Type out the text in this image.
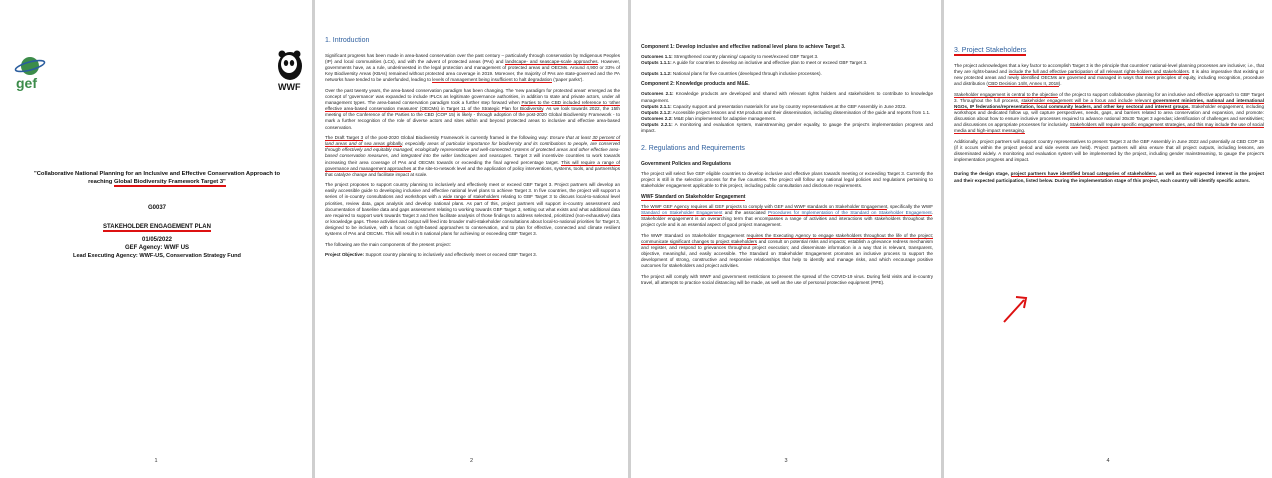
gef	WWF
"Collaborative National Planning for an Inclusive and Effective Conservation Approach to
reaching Global Biodiversity Framework Target 3"
G0037
STAKEHOLDER ENGAGEMENT PLAN
01/05/2022
GEF Agency: WWF US
Lead Executing Agency: WWF-US, Conservation Strategy Fund
1
1. Introduction

Significant progress has been made in area-based conservation over the past century – particularly through conservation by Indigenous Peoples (IP) and local communities (LCs), and with the advent of protected areas (PAs) and landscape- and seascape-scale approaches. However, governments have, as a rule, underinvested in the legal protection and management of protected areas and OECMs. Around 4,900 or 33% of Key Biodiversity Areas (KBAs) remained without protected area coverage in 2019. Moreover, the majority of PAs are state-governed and the PA networks have tended to be underfunded, leading to levels of management being insufficient to halt degradation ('paper parks').

Over the past twenty years, the area-based conservation paradigm has been changing. The 'new paradigm for protected areas' emerged as the concept of 'governance' was expanded to include IPLCs as legitimate governance authorities, in addition to state and private actors, under all management types. The area-based conservation paradigm took a further step forward when Parties to the CBD included reference to 'other effective area-based conservation measures' (OECMs) in Target 11 of the Strategic Plan for Biodiversity. As we look towards 2022, the 15th meeting of the Conference of the Parties to the CBD (COP 15) is likely - through adoption of the post-2020 Global Biodiversity Framework - to mark a further recognition of the role of diverse actors and sites within and beyond protected areas to inclusive and effective area-based conservation.

The Draft Target 3 of the post-2020 Global Biodiversity Framework is currently framed in the following way: Ensure that at least 30 percent of land areas and of sea areas globally, especially areas of particular importance for biodiversity and its contributions to people, are conserved through effectively and equitably managed, ecologically representative and well-connected systems of protected areas and other effective area-based conservation measures, and integrated into the wider landscapes and seascapes. Target 3 will incentivize countries to work towards increasing their area coverage of PAs and OECMs towards or exceeding the final agreed percentage target. This will require a range of governance and management approaches at the site-to-network level and the application of policy interventions, systems, tools, and partnerships that catalyze change and facilitate impact at scale.

The project proposes to support country planning to inclusively and effectively meet or exceed GBF Target 3. Project partners will develop an easily accessible guide to developing inclusive and effective national level plans to achieve Target 3. In five countries, the project will support a series of in-country consultations and workshops with a wide range of stakeholders relating to GBF Target 3 to discuss local-to-national level priorities, review data, gaps analysis and develop national plans. As part of this, project partners will support in-country assessment and documentation of baseline data and gaps assessment relating to working towards GBF Target 3, setting out what exists and what additional data are required to support work towards Target 3 and then facilitate analysis of those findings to address selected, prioritized (non-exhaustive) data or knowledge gaps. These activities and output will feed into broader multi-stakeholder consultations about local-to-national priorities for Target 3, designed to be inclusive, with a focus on right-based approaches to conservation, and to plan for effective, connected and climate resilient systems of PAs and OECMs. This will result in 5 national plans for achieving or exceeding GBF Target 3.

The following are the main components of the present project:

Project Objective: Support country planning to inclusively and effectively meet or exceed GBF Target 3.

2
Component 1: Develop inclusive and effective national level plans to achieve Target 3.

Outcomes 1.1: Strengthened country planning/ capacity to meet/exceed GBF Target 3.
Outputs 1.1.1: A guide for countries to develop an inclusive and effective plan to meet or exceed GBF Target 3.

Outputs 1.1.2: National plans for five countries (developed through inclusive processes).

Component 2: Knowledge products and M&E.

Outcomes 2.1: Knowledge products are developed and shared with relevant rights holders and stakeholders to contribute to knowledge management.
Outputs 2.1.1: Capacity support and presentation materials for use by country representatives at the GBF Assembly in June 2022.
Outputs 2.1.2: Accessible project lessons and KM products and their dissemination, including dissemination of the guide and reports from 1.1.
Outcomes 2.2: M&E plan implemented for adaptive management.
Outputs 2.2.1: A monitoring and evaluation system, mainstreaming gender equality, to gauge the project's implementation progress and impact.

2. Regulations and Requirements
Government Policies and Regulations

The project will select five GEF eligible countries to develop inclusive and effective plans towards meeting or exceeding Target 3. Currently the project is still in the selection process for the five countries. The project will follow any national legal policies and regulations pertaining to stakeholder engagement applicable to this project, including public consultation and disclosure requirements.

WWF Standard on Stakeholder Engagement

The WWF GEF Agency requires all GEF projects to comply with GEF and WWF standards on Stakeholder Engagement, specifically the WWF Standard on Stakeholder Engagement and the associated Procedures for Implementation of the Standard on Stakeholder Engagement. Stakeholder engagement is an overarching term that encompasses a range of activities and interactions with stakeholders throughout the project cycle and is an essential aspect of good project management.

The WWF Standard on Stakeholder Engagement requires the Executing Agency to engage stakeholders throughout the life of the project; communicate significant changes to project stakeholders and consult on potential risks and impacts; establish a grievance redress mechanism and register, and respond to grievances throughout project execution; and disseminate information in a way that is relevant, transparent, objective, meaningful, and easily accessible. The Standard on Stakeholder Engagement promotes an inclusive process to support the development of strong, constructive and responsive relationships that help to identify and manage risks, and which encourage positive outcomes for stakeholders and project activities.

The project will comply with WWF and government restrictions to prevent the spread of the COVID-19 virus. During field visits and in-country travel, all attempts to practice social distancing will be made, as well as the use of personal protective equipment (PPE).

3
3. Project Stakeholders

The project acknowledges that a key factor to accomplish Target 3 is the principle that countries' national-level planning processes are inclusive; i.e., that they are rights-based and include the full and effective participation of all relevant rights-holders and stakeholders. It is also imperative that existing or new protected areas and newly identified OECMs are governed and managed in ways that meet principles of equity, including recognition, procedure and distribution (CBD Decision 14/8, Annex II, 2018).

Stakeholder engagement is central to the objective of the project to support collaborative planning for an inclusive and effective approach to GBF Target 3. Throughout the full process, stakeholder engagement will be a focus and include relevant government ministries, national and international NGOs, IP federations/representation, local community leaders, and other key sectoral and interest groups. Stakeholder engagement, including workshops and dedicated follow up, will capture perspectives, needs, gaps, and barriers related to area conservation and expansion, and promote: discussion about how to ensure inclusive processes required to advance national 30x30 Target 3 agendas; identification of challenges and sensitivities; and discussions on appropriate processes for inclusivity. Stakeholders will require specific engagement strategies, and this may include the use of social media and high-impact messaging.

Additionally, project partners will support country representatives to present Target 3 at the GBF Assembly in June 2022 and potentially at CBD COP 15 (if it occurs within the project period and side events are held). Project partners will also ensure that all project outputs, including lessons, are disseminated widely. A monitoring and evaluation system will be implemented by the project, including gender mainstreaming, to gauge the project's implementation progress and impact.

During the design stage, project partners have identified broad categories of stakeholders, as well as their expected interest in the project and their expected participation, listed below. During the implementation stage of this project, each country will identify specific actors.

4
